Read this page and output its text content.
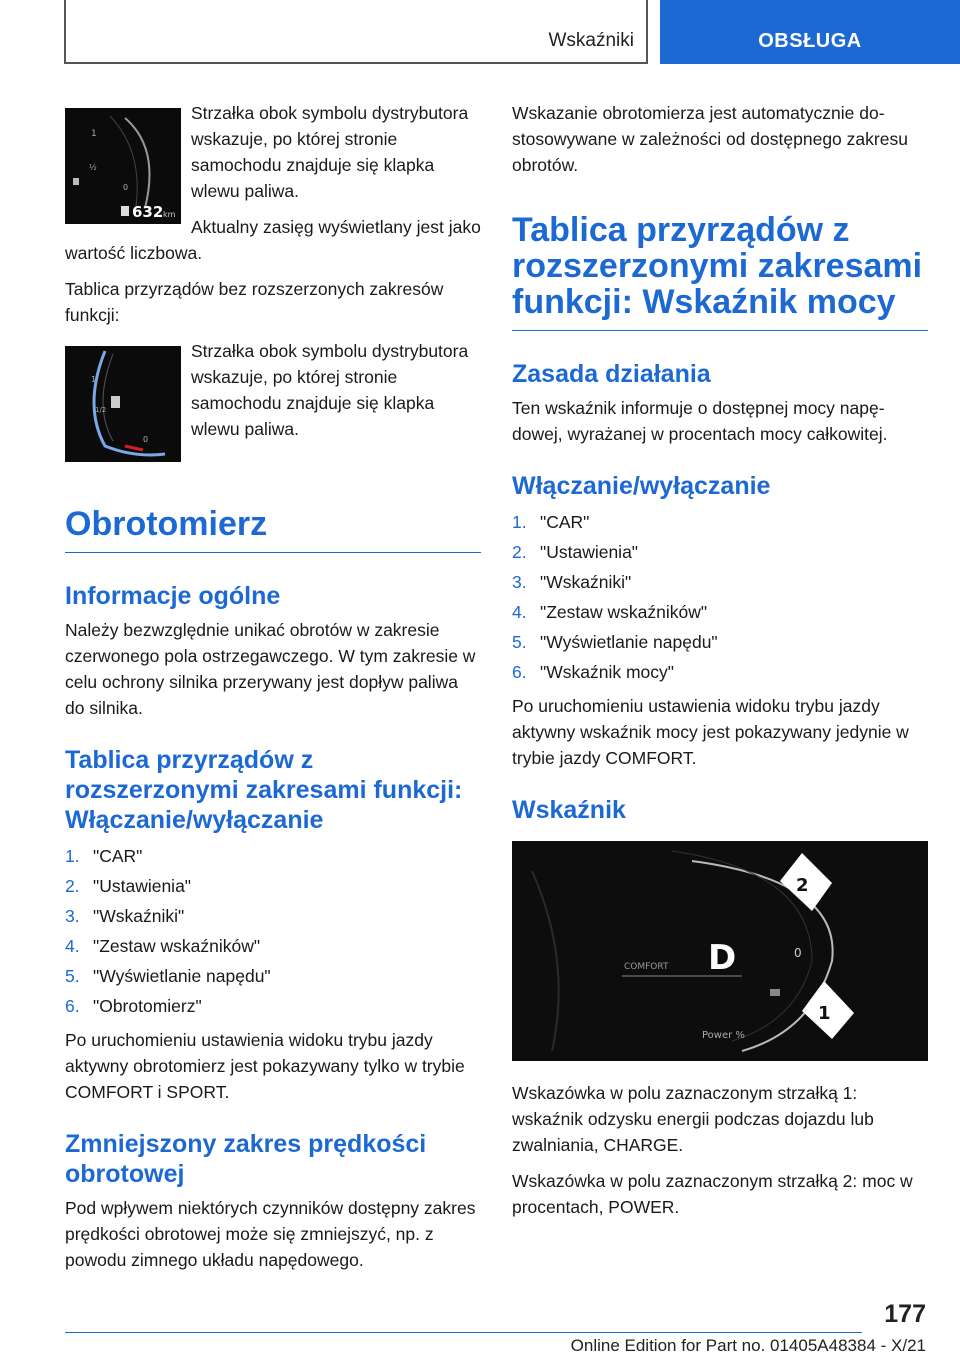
Wskaźniki	OBSŁUGA
1
½
0
632 km

Strzałka obok symbolu dystrybutora wskazuje, po której stronie samochodu znajduje się klapka wlewu paliwa.

Aktualny zasięg wyświetlany jest jako wartość liczbowa.

Tablica przyrządów bez rozszerzonych zakresów funkcji:

1
1/2
0

Strzałka obok symbolu dystrybutora wskazuje, po której stronie samochodu znajduje się klapka wlewu paliwa.

Obrotomierz
Informacje ogólne

Należy bezwzględnie unikać obrotów w zakresie czerwonego pola ostrzegawczego. W tym zakresie w celu ochrony silnika przerywany jest dopływ paliwa do silnika.

Tablica przyrządów z rozszerzonymi zakresami funkcji: Włączanie/wyłączanie
1. "CAR"
2. "Ustawienia"
3. "Wskaźniki"
4. "Zestaw wskaźników"
5. "Wyświetlanie napędu"
6. "Obrotomierz"

Po uruchomieniu ustawienia widoku trybu jazdy aktywny obrotomierz jest pokazywany tylko w trybie COMFORT i SPORT.

Zmniejszony zakres prędkości obrotowej

Pod wpływem niektórych czynników dostępny zakres prędkości obrotowej może się zmniejszyć, np. z powodu zimnego układu napędowego.

Wskazanie obrotomierza jest automatycznie dostosowywane w zależności od dostępnego zakresu obrotów.

Tablica przyrządów z rozszerzonymi zakresami funkcji: Wskaźnik mocy
Zasada działania

Ten wskaźnik informuje o dostępnej mocy napędowej, wyrażanej w procentach mocy całkowitej.

Włączanie/wyłączanie
1. "CAR"
2. "Ustawienia"
3. "Wskaźniki"
4. "Zestaw wskaźników"
5. "Wyświetlanie napędu"
6. "Wskaźnik mocy"

Po uruchomieniu ustawienia widoku trybu jazdy aktywny wskaźnik mocy jest pokazywany jedynie w trybie jazdy COMFORT.

Wskaźnik
COMFORT D	0
Power %
2
1

Wskazówka w polu zaznaczonym strzałką 1: wskaźnik odzysku energii podczas dojazdu lub zwalniania, CHARGE.

Wskazówka w polu zaznaczonym strzałką 2: moc w procentach, POWER.

177
Online Edition for Part no. 01405A48384 - X/21
